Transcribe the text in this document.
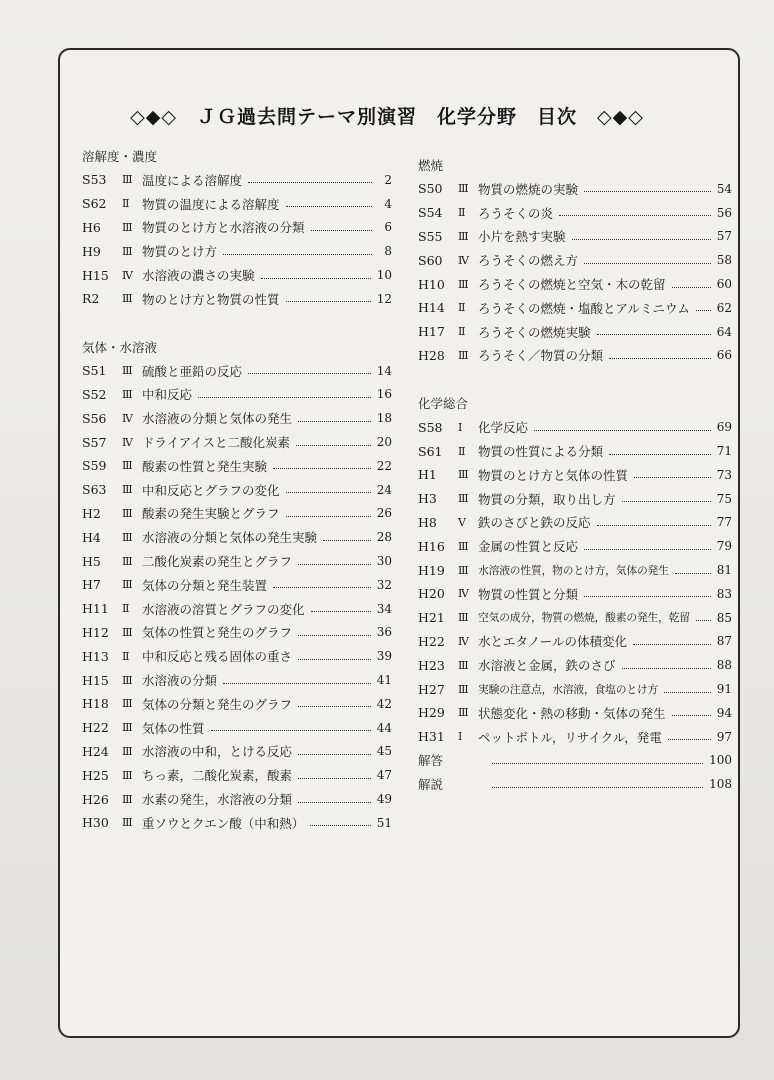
◇◆◇　ＪＧ過去問テーマ別演習　化学分野　目次　◇◆◇
溶解度・濃度
S53	Ⅲ 温度による溶解度	2
S62	Ⅱ	物質の温度による溶解度	4
H6	Ⅲ 物質のとけ方と水溶液の分類	6
H9	Ⅲ 物質のとけ方	8
H15	Ⅳ 水溶液の濃さの実験	10
R2	Ⅲ 物のとけ方と物質の性質	12
気体・水溶液
S51	Ⅲ 硫酸と亜鉛の反応	14
S52	Ⅲ 中和反応	16
S56	Ⅳ 水溶液の分類と気体の発生	18
S57	Ⅳ ドライアイスと二酸化炭素	20
S59	Ⅲ 酸素の性質と発生実験	22
S63	Ⅲ 中和反応とグラフの変化	24
H2	Ⅲ 酸素の発生実験とグラフ	26
H4	Ⅲ 水溶液の分類と気体の発生実験	28
H5	Ⅲ 二酸化炭素の発生とグラフ	30
H7	Ⅲ 気体の分類と発生装置	32
H11	Ⅱ	水溶液の溶質とグラフの変化	34
H12	Ⅲ 気体の性質と発生のグラフ	36
H13	Ⅱ	中和反応と残る固体の重さ	39
H15	Ⅲ 水溶液の分類	41
H18	Ⅲ 気体の分類と発生のグラフ	42
H22	Ⅲ 気体の性質	44
H24	Ⅲ 水溶液の中和，とける反応	45
H25	Ⅲ ちっ素，二酸化炭素，酸素	47
H26	Ⅲ 水素の発生，水溶液の分類	49
H30	Ⅲ 重ソウとクエン酸（中和熱）	51
燃焼
S50	Ⅲ 物質の燃焼の実験	54
S54	Ⅱ	ろうそくの炎	56
S55	Ⅲ 小片を熱す実験	57
S60	Ⅳ ろうそくの燃え方	58
H10	Ⅲ ろうそくの燃焼と空気・木の乾留	60
H14	Ⅱ	ろうそくの燃焼・塩酸とアルミニウム 62
H17	Ⅱ	ろうそくの燃焼実験	64
H28	Ⅲ ろうそく／物質の分類	66
化学総合
S58	Ⅰ	化学反応	69
S61	Ⅱ	物質の性質による分類	71
H1	Ⅲ 物質のとけ方と気体の性質	73
H3	Ⅲ 物質の分類，取り出し方	75
H8	Ⅴ 鉄のさびと鉄の反応	77
H16	Ⅲ 金属の性質と反応	79
H19	Ⅲ 水溶液の性質，物のとけ方，気体の発生	81
H20	Ⅳ 物質の性質と分類	83
H21	Ⅲ 空気の成分，物質の燃焼，酸素の発生，乾留 85
H22	Ⅳ 水とエタノールの体積変化	87
H23	Ⅲ 水溶液と金属，鉄のさび	88
H27	Ⅲ 実験の注意点，水溶液，食塩のとけ方	91
H29	Ⅲ 状態変化・熱の移動・気体の発生	94
H31	Ⅰ	ペットボトル，リサイクル，発電	97
解答	100
解説	108
